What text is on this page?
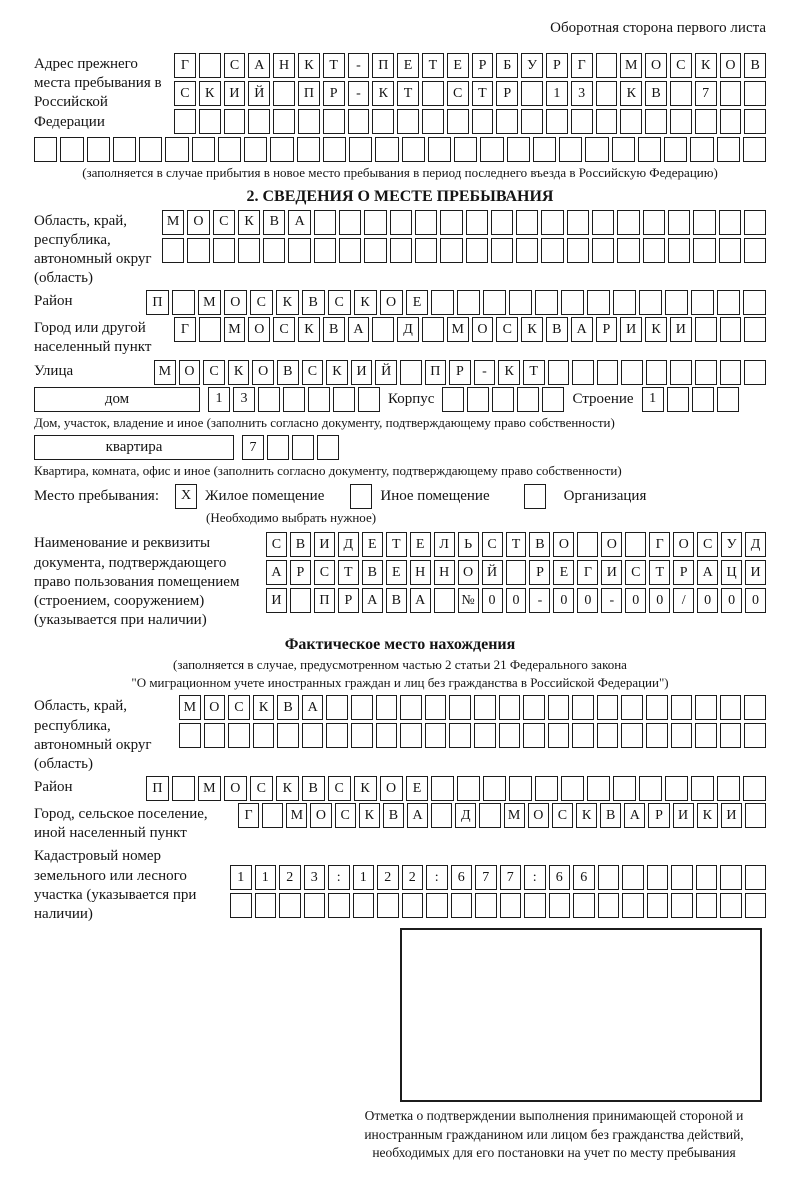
Оборотная сторона первого листа
Адрес прежнего места пребывания в Российской Федерации
Г	С	А	Н	К	Т	-	П	Е	Т	Е	Р	Б	У	Р	Г	М О	С	К	О	В
С	К	И	Й	П	Р	-	К	Т	С	Т	Р	1	3	К	В	7
(заполняется в случае прибытия в новое место пребывания в период последнего въезда в Российскую Федерацию)
2. СВЕДЕНИЯ О МЕСТЕ ПРЕБЫВАНИЯ
Область, край, республика, автономный округ (область)
М	О	С	К	В	А
Район	П	М	О	С	К	В	С	К	О	Е
Город или другой населенный пункт
Г	М О	С	К	В	А	Д	М О	С	К	В	А	Р	И	К	И
Улица	М О	С	К	О	В	С	К	И	Й	П	Р	-	К	Т
дом	1	3	Корпус	Строение	1
Дом, участок, владение и иное (заполнить согласно документу, подтверждающему право собственности)
квартира	7
Квартира, комната, офис и иное (заполнить согласно документу, подтверждающему право собственности)
Место пребывания:	X Жилое помещение	Иное помещение	Организация
(Необходимо выбрать нужное)
Наименование и реквизиты документа, подтверждающего право пользования помещением (строением, сооружением) (указывается при наличии)
С	В	И	Д	Е	Т	Е	Л	Ь	С	Т	В	О	О	Г	О	С	У	Д
А	Р	С	Т	В	Е	Н Н О Й	Р	Е	Г	И	С	Т	Р	А Ц И
И	П	Р	А	В	А	№ 0	0	-	0	0	-	0	0	/	0	0	0
Фактическое место нахождения
(заполняется в случае, предусмотренном частью 2 статьи 21 Федерального закона
"О миграционном учете иностранных граждан и лиц без гражданства в Российской Федерации")
Область, край, республика, автономный округ (область)
М О	С	К	В	А
Район	П	М	О	С	К	В	С	К	О	Е
Город, сельское поселение, иной населенный пункт
Г	М О	С	К	В	А	Д	М О	С	К	В	А	Р	И	К	И
Кадастровый номер земельного или лесного участка (указывается при наличии)
1	1	2	3	:	1	2	2	:	6	7	7	:	6	6
Отметка о подтверждении выполнения принимающей стороной и иностранным гражданином или лицом без гражданства действий, необходимых для его постановки на учет по месту пребывания
